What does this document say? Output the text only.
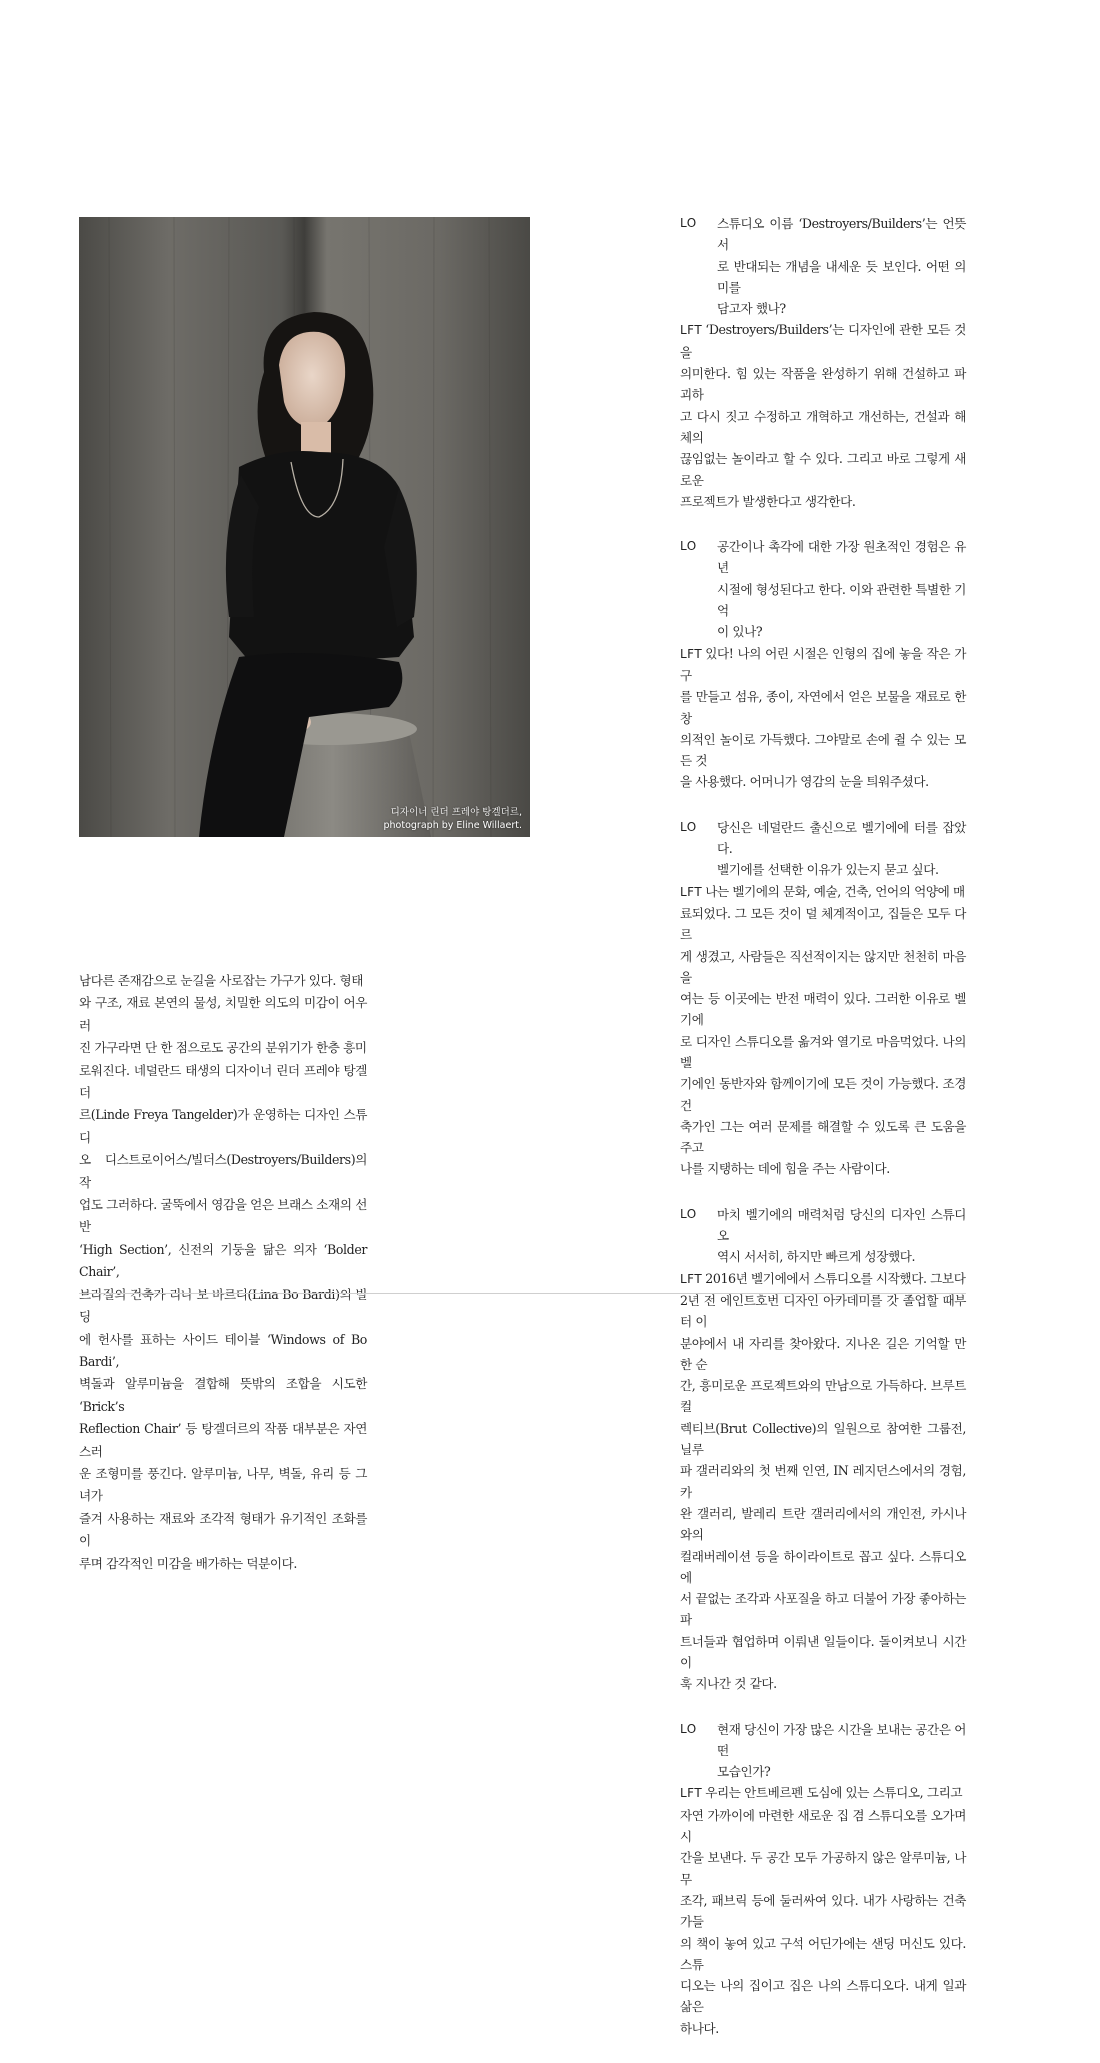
디자이너 린더 프레야 탕겔더르,
photograph by Eline Willaert.

남다른 존재감으로 눈길을 사로잡는 가구가 있다. 형태
와 구조, 재료 본연의 물성, 치밀한 의도의 미감이 어우러
진 가구라면 단 한 점으로도 공간의 분위기가 한층 흥미
로워진다. 네덜란드 태생의 디자이너 린더 프레야 탕겔더
르(Linde Freya Tangelder)가 운영하는 디자인 스튜디
오 디스트로이어스/빌더스(Destroyers/Builders)의 작
업도 그러하다. 굴뚝에서 영감을 얻은 브래스 소재의 선반
‘High Section’, 신전의 기둥을 닮은 의자 ‘Bolder Chair’,
브라질의 건축가 리나 보 바르디(Lina Bo Bardi)의 빌딩
에 헌사를 표하는 사이드 테이블 ‘Windows of Bo Bardi’,
벽돌과 알루미늄을 결합해 뜻밖의 조합을 시도한 ‘Brick’s
Reflection Chair’ 등 탕겔더르의 작품 대부분은 자연스러
운 조형미를 풍긴다. 알루미늄, 나무, 벽돌, 유리 등 그녀가
즐겨 사용하는 재료와 조각적 형태가 유기적인 조화를 이
루며 감각적인 미감을 배가하는 덕분이다.

LO	스튜디오 이름 ‘Destroyers/Builders’는 언뜻 서
로 반대되는 개념을 내세운 듯 보인다. 어떤 의미를
담고자 했나?
LFT ‘Destroyers/Builders’는 디자인에 관한 모든 것을
의미한다. 힘 있는 작품을 완성하기 위해 건설하고 파괴하
고 다시 짓고 수정하고 개혁하고 개선하는, 건설과 해체의
끊임없는 놀이라고 할 수 있다. 그리고 바로 그렇게 새로운
프로젝트가 발생한다고 생각한다.
LO	공간이나 촉각에 대한 가장 원초적인 경험은 유년
시절에 형성된다고 한다. 이와 관련한 특별한 기억
이 있나?
LFT 있다! 나의 어린 시절은 인형의 집에 놓을 작은 가구
를 만들고 섬유, 종이, 자연에서 얻은 보물을 재료로 한 창
의적인 놀이로 가득했다. 그야말로 손에 쥘 수 있는 모든 것
을 사용했다. 어머니가 영감의 눈을 틔워주셨다.
LO	당신은 네덜란드 출신으로 벨기에에 터를 잡았다.
벨기에를 선택한 이유가 있는지 묻고 싶다.
LFT 나는 벨기에의 문화, 예술, 건축, 언어의 억양에 매
료되었다. 그 모든 것이 덜 체계적이고, 집들은 모두 다르
게 생겼고, 사람들은 직선적이지는 않지만 천천히 마음을
여는 등 이곳에는 반전 매력이 있다. 그러한 이유로 벨기에
로 디자인 스튜디오를 옮겨와 열기로 마음먹었다. 나의 벨
기에인 동반자와 함께이기에 모든 것이 가능했다. 조경 건
축가인 그는 여러 문제를 해결할 수 있도록 큰 도움을 주고
나를 지탱하는 데에 힘을 주는 사람이다.
LO	마치 벨기에의 매력처럼 당신의 디자인 스튜디오
역시 서서히, 하지만 빠르게 성장했다.
LFT 2016년 벨기에에서 스튜디오를 시작했다. 그보다
2년 전 에인트호번 디자인 아카데미를 갓 졸업할 때부터 이
분야에서 내 자리를 찾아왔다. 지나온 길은 기억할 만한 순
간, 흥미로운 프로젝트와의 만남으로 가득하다. 브루트 컬
렉티브(Brut Collective)의 일원으로 참여한 그룹전, 닐루
파 갤러리와의 첫 번째 인연, IN 레지던스에서의 경험, 카
완 갤러리, 발레리 트란 갤러리에서의 개인전, 카시나와의
컬래버레이션 등을 하이라이트로 꼽고 싶다. 스튜디오에
서 끝없는 조각과 사포질을 하고 더불어 가장 좋아하는 파
트너들과 협업하며 이뤄낸 일들이다. 돌이켜보니 시간이
훅 지나간 것 같다.
LO	현재 당신이 가장 많은 시간을 보내는 공간은 어떤
모습인가?
LFT 우리는 안트베르펜 도심에 있는 스튜디오, 그리고
자연 가까이에 마련한 새로운 집 겸 스튜디오를 오가며 시
간을 보낸다. 두 공간 모두 가공하지 않은 알루미늄, 나무
조각, 패브릭 등에 둘러싸여 있다. 내가 사랑하는 건축가들
의 책이 놓여 있고 구석 어딘가에는 샌딩 머신도 있다. 스튜
디오는 나의 집이고 집은 나의 스튜디오다. 내게 일과 삶은
하나다.
